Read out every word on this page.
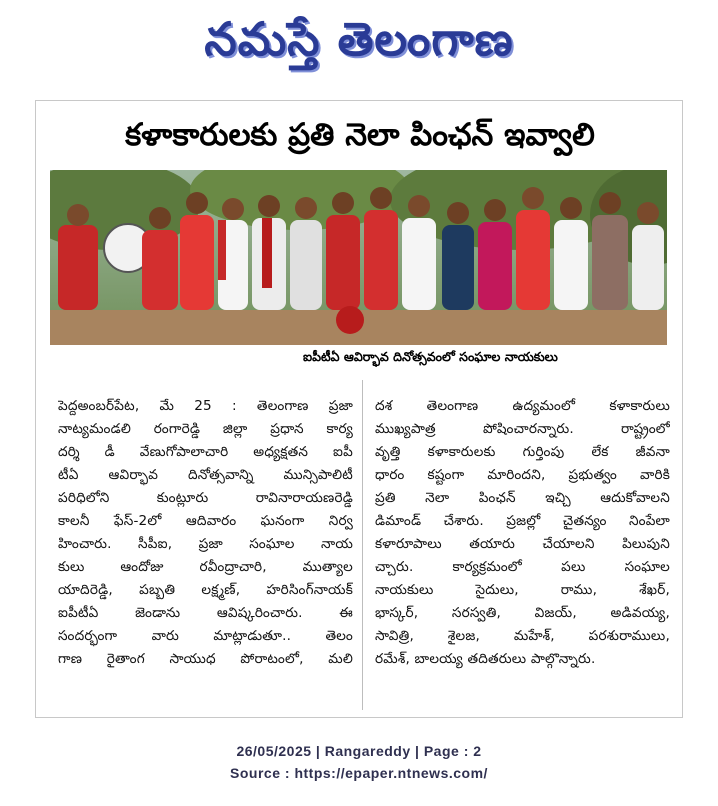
నమస్తే తెలంగాణ
కళాకారులకు ప్రతి నెలా పింఛన్‌ ఇవ్వాలి
ఐపీటీఏ ఆవిర్భావ దినోత్సవంలో సంఘాల నాయకులు
పెద్దఅంబర్‌పేట, మే 25 : తెలంగాణ ప్రజా
నాట్యమండలి రంగారెడ్డి జిల్లా ప్రధాన కార్య
దర్శి డీ వేణుగోపాలాచారి అధ్యక్షతన ఐపీ
టీఏ ఆవిర్భావ దినోత్సవాన్ని మున్సిపాలిటీ
పరిధిలోని కుంట్లూరు రావినారాయణరెడ్డి
కాలనీ ఫేస్‌-2లో ఆదివారం ఘనంగా నిర్వ
హించారు. సీపీఐ, ప్రజా సంఘాల నాయ
కులు ఆందోజు రవీంద్రాచారి, ముత్యాల
యాదిరెడ్డి, పబ్బతి లక్ష్మణ్‌, హరిసింగ్‌నాయక్‌
ఐపీటీఏ జెండాను ఆవిష్కరించారు. ఈ
సందర్భంగా వారు మాట్లాడుతూ.. తెలం
గాణ రైతాంగ సాయుధ పోరాటంలో, మలి
దశ తెలంగాణ ఉద్యమంలో కళాకారులు
ముఖ్యపాత్ర పోషించారన్నారు. రాష్ట్రంలో
వృత్తి కళాకారులకు గుర్తింపు లేక జీవనా
ధారం కష్టంగా మారిందని, ప్రభుత్వం వారికి
ప్రతి నెలా పింఛన్‌ ఇచ్చి ఆదుకోవాలని
డిమాండ్‌ చేశారు. ప్రజల్లో చైతన్యం నింపేలా
కళారూపాలు తయారు చేయాలని పిలుపుని
చ్చారు. కార్యక్రమంలో పలు సంఘాల
నాయకులు సైదులు, రాము, శేఖర్‌,
భాస్కర్‌, సరస్వతి, విజయ్‌, అడివయ్య,
సావిత్రి, శైలజ, మహేశ్‌, పరశురాములు,
రమేశ్‌, బాలయ్య తదితరులు పాల్గొన్నారు.
26/05/2025 | Rangareddy | Page : 2
Source : https://epaper.ntnews.com/
